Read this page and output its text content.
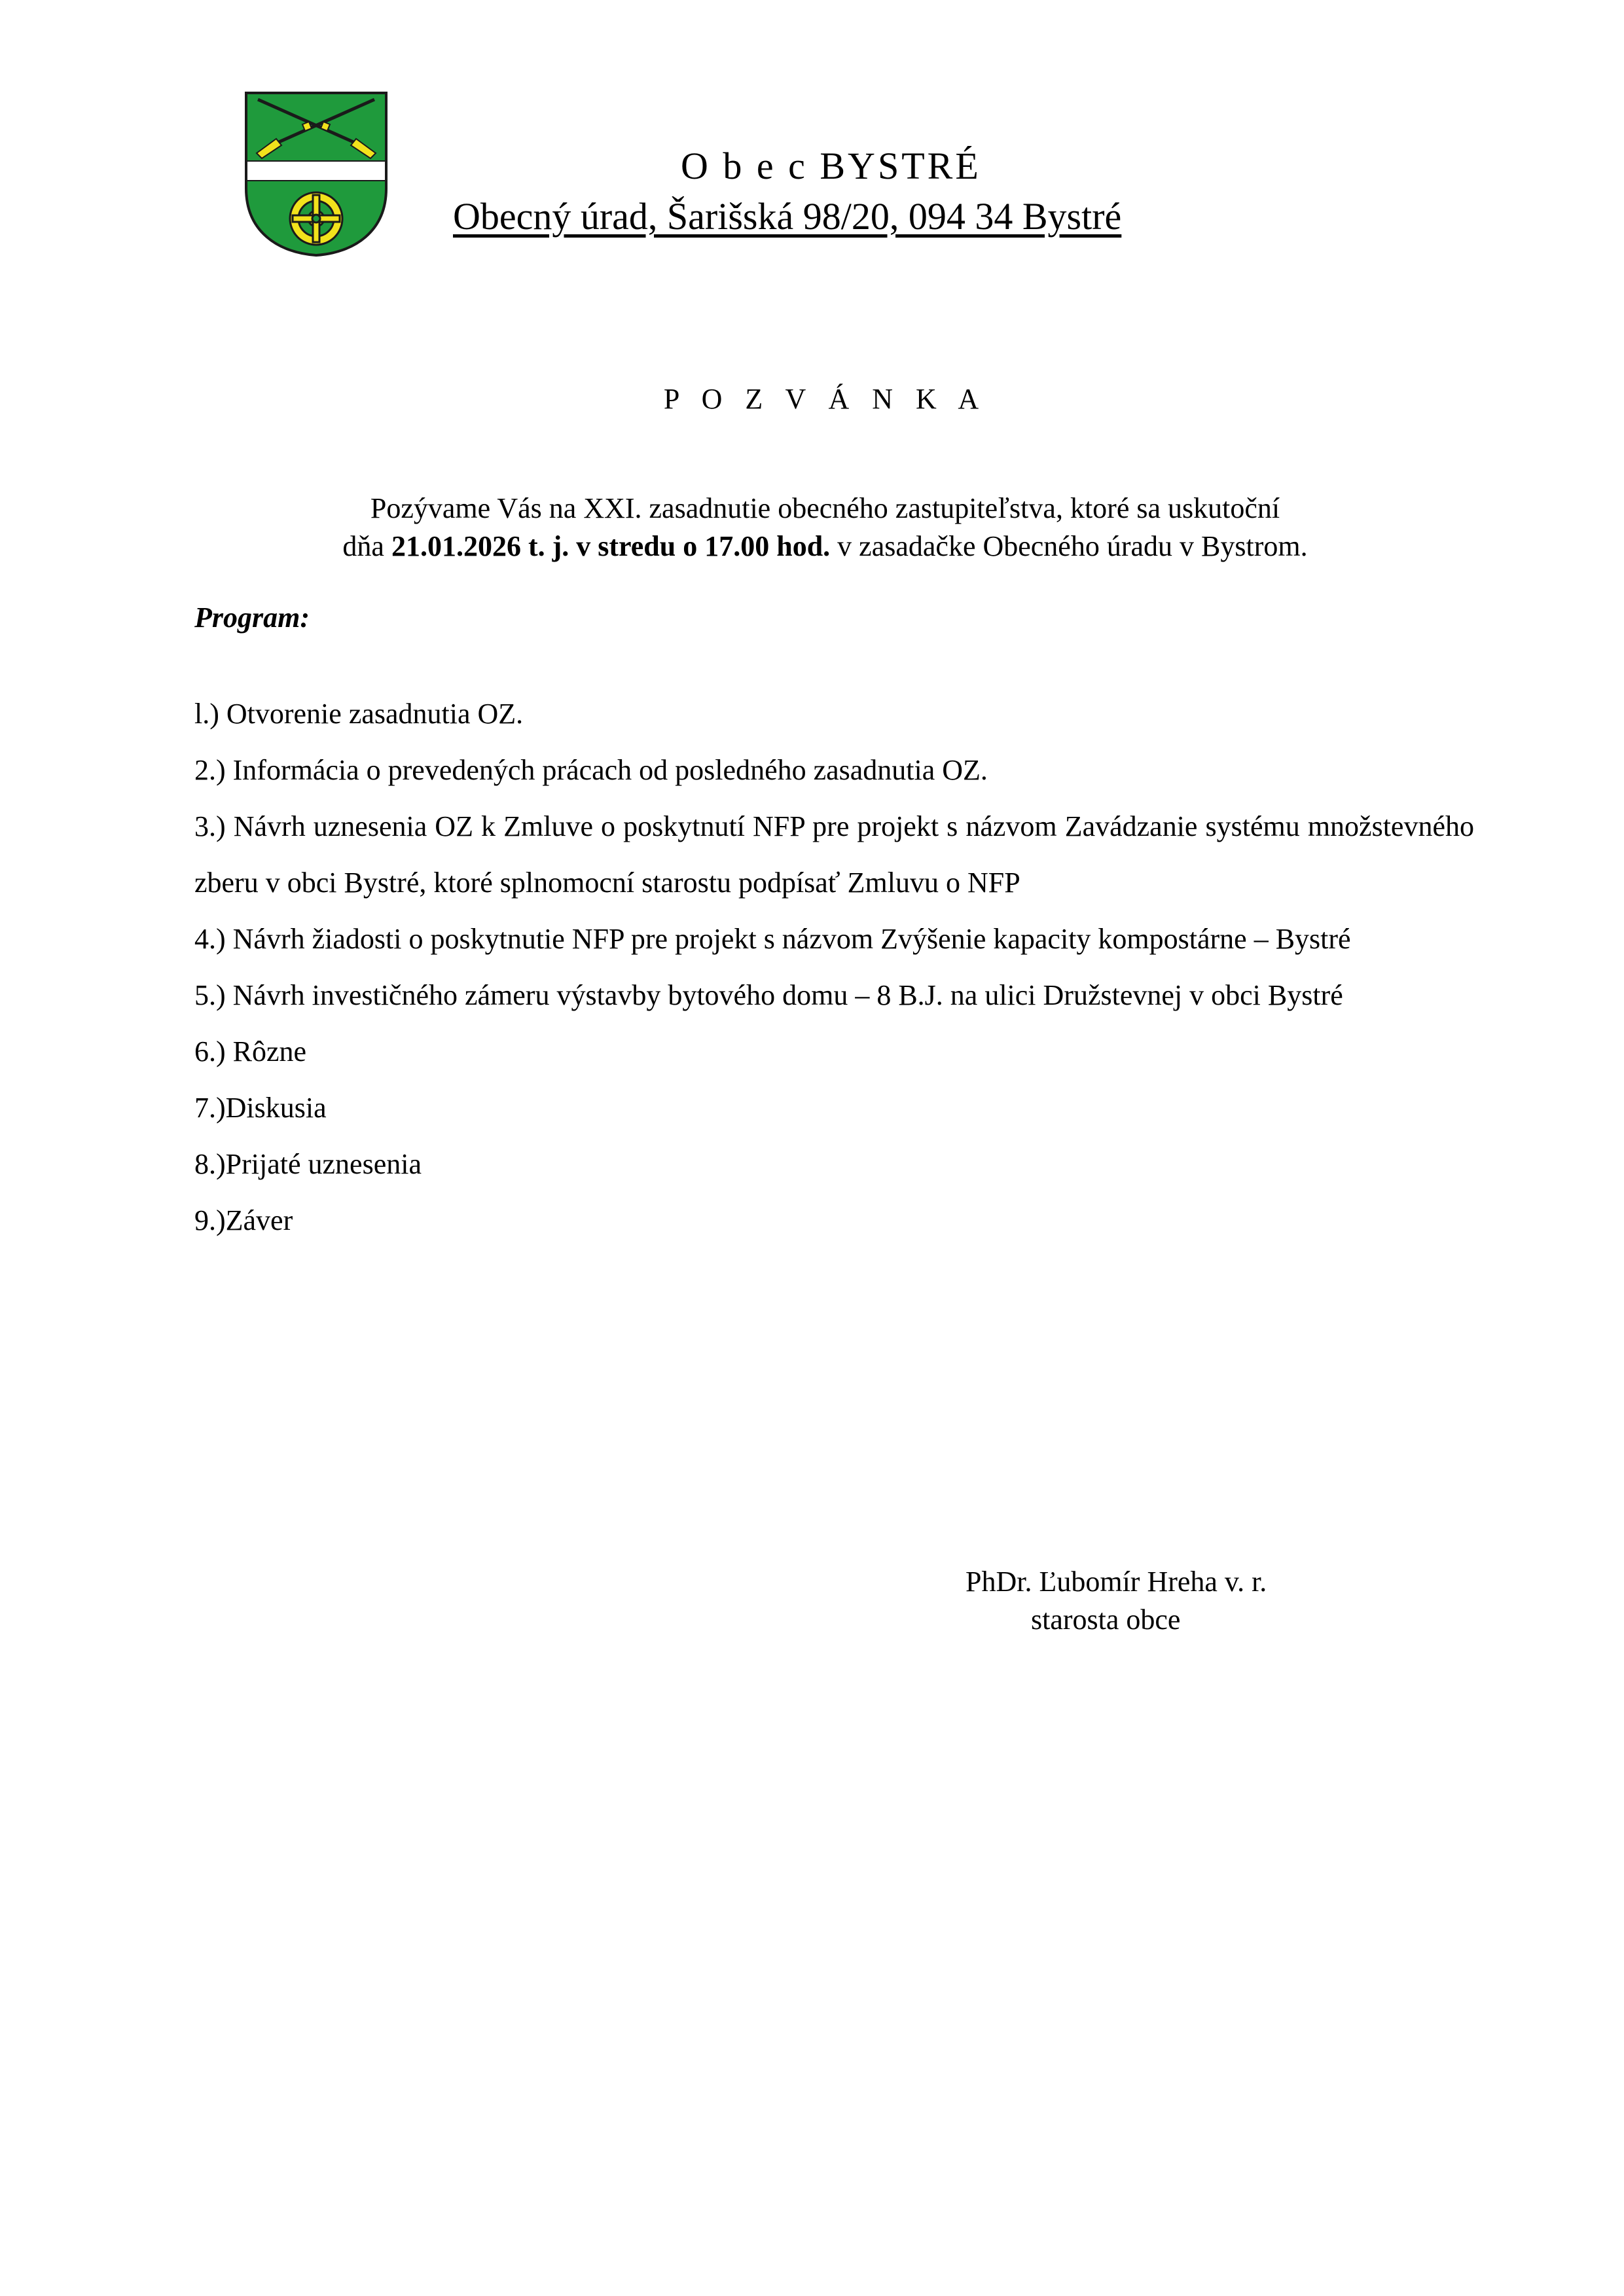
O b e c BYSTRÉ
Obecný úrad, Šarišská 98/20, 094 34 Bystré
P O Z V Á N K A
Pozývame Vás na XXI. zasadnutie obecného zastupiteľstva, ktoré sa uskutoční
dňa 21.01.2026 t. j. v stredu o 17.00 hod. v zasadačke Obecného úradu v Bystrom.
Program:
l.) Otvorenie zasadnutia OZ.
2.) Informácia o prevedených prácach od posledného zasadnutia OZ.
3.) Návrh uznesenia OZ k Zmluve o poskytnutí NFP pre projekt s názvom Zavádzanie systému množstevného zberu v obci Bystré, ktoré splnomocní starostu podpísať Zmluvu o NFP
4.) Návrh žiadosti o poskytnutie NFP pre projekt s názvom Zvýšenie kapacity kompostárne – Bystré
5.) Návrh investičného zámeru výstavby bytového domu – 8 B.J. na ulici Družstevnej v obci Bystré
6.) Rôzne
7.)Diskusia
8.)Prijaté uznesenia
9.)Záver
PhDr. Ľubomír Hreha v. r.
starosta obce
